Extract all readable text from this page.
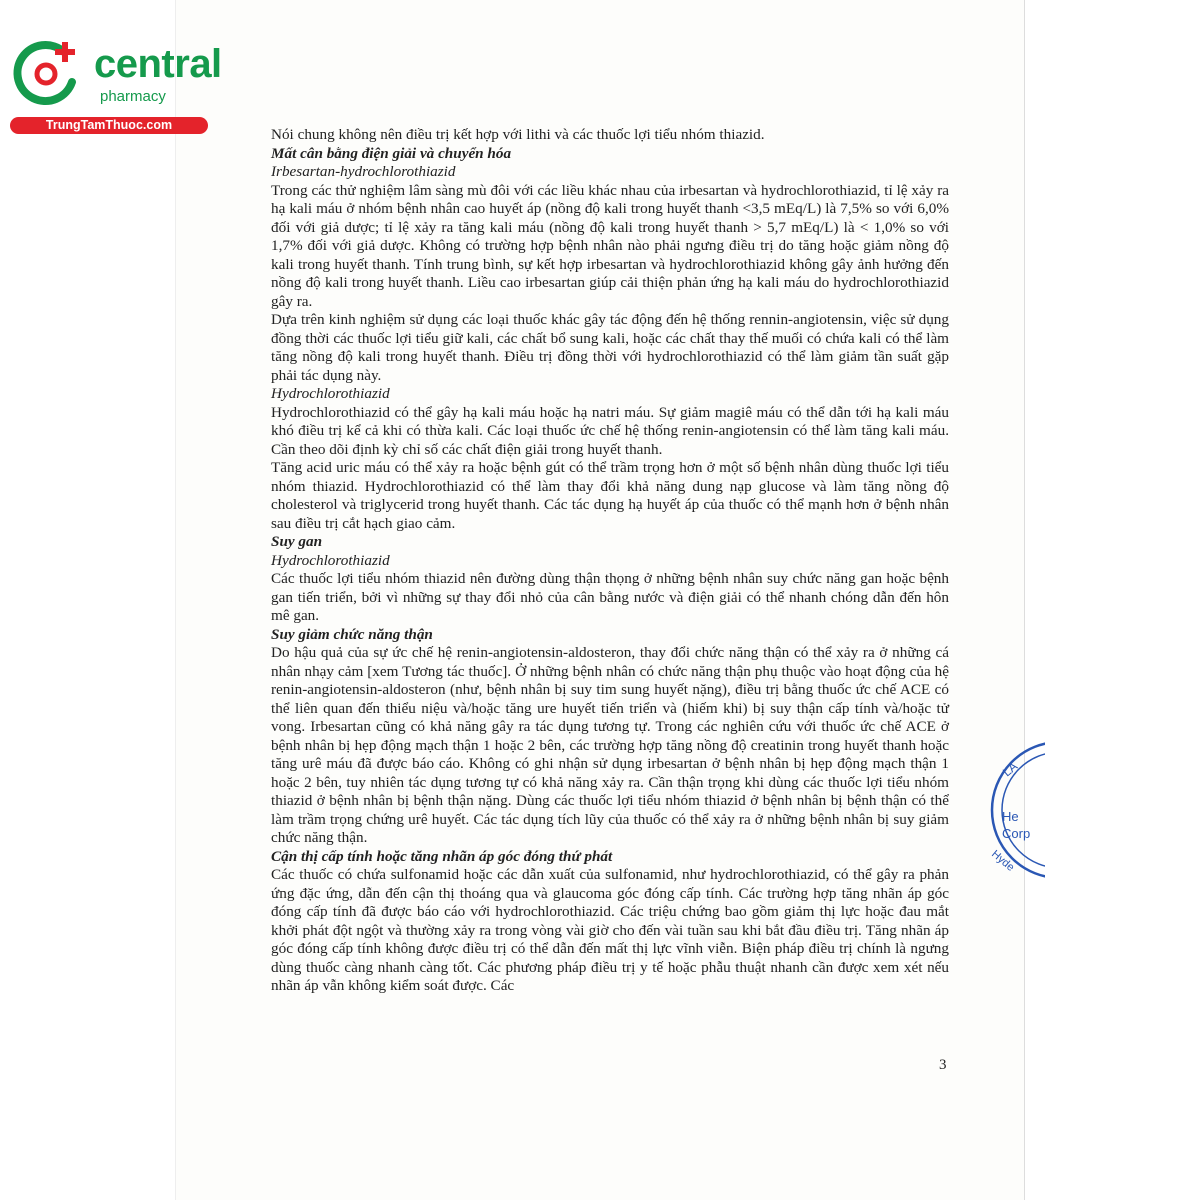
central
pharmacy
TrungTamThuoc.com

Nói chung không nên điều trị kết hợp với lithi và các thuốc lợi tiểu nhóm thiazid.

Mất cân bằng điện giải và chuyển hóa

Irbesartan-hydrochlorothiazid

Trong các thử nghiệm lâm sàng mù đôi với các liều khác nhau của irbesartan và hydrochlorothiazid, tỉ lệ xảy ra hạ kali máu ở nhóm bệnh nhân cao huyết áp (nồng độ kali trong huyết thanh <3,5 mEq/L) là 7,5% so với 6,0% đối với giả dược; tỉ lệ xảy ra tăng kali máu (nồng độ kali trong huyết thanh > 5,7 mEq/L) là < 1,0% so với 1,7% đối với giả dược. Không có trường hợp bệnh nhân nào phải ngưng điều trị do tăng hoặc giảm nồng độ kali trong huyết thanh. Tính trung bình, sự kết hợp irbesartan và hydrochlorothiazid không gây ảnh hưởng đến nồng độ kali trong huyết thanh. Liều cao irbesartan giúp cải thiện phản ứng hạ kali máu do hydrochlorothiazid gây ra.

Dựa trên kinh nghiệm sử dụng các loại thuốc khác gây tác động đến hệ thống rennin-angiotensin, việc sử dụng đồng thời các thuốc lợi tiểu giữ kali, các chất bổ sung kali, hoặc các chất thay thế muối có chứa kali có thể làm tăng nồng độ kali trong huyết thanh. Điều trị đồng thời với hydrochlorothiazid có thể làm giảm tần suất gặp phải tác dụng này.

Hydrochlorothiazid

Hydrochlorothiazid có thể gây hạ kali máu hoặc hạ natri máu. Sự giảm magiê máu có thể dẫn tới hạ kali máu khó điều trị kể cả khi có thừa kali. Các loại thuốc ức chế hệ thống renin-angiotensin có thể làm tăng kali máu. Cần theo dõi định kỳ chỉ số các chất điện giải trong huyết thanh.

Tăng acid uric máu có thể xảy ra hoặc bệnh gút có thể trầm trọng hơn ở một số bệnh nhân dùng thuốc lợi tiểu nhóm thiazid. Hydrochlorothiazid có thể làm thay đổi khả năng dung nạp glucose và làm tăng nồng độ cholesterol và triglycerid trong huyết thanh. Các tác dụng hạ huyết áp của thuốc có thể mạnh hơn ở bệnh nhân sau điều trị cắt hạch giao cảm.

Suy gan

Hydrochlorothiazid

Các thuốc lợi tiểu nhóm thiazid nên đường dùng thận thọng ở những bệnh nhân suy chức năng gan hoặc bệnh gan tiến triển, bởi vì những sự thay đổi nhỏ của cân bằng nước và điện giải có thể nhanh chóng dẫn đến hôn mê gan.

Suy giảm chức năng thận

Do hậu quả của sự ức chế hệ renin-angiotensin-aldosteron, thay đổi chức năng thận có thể xảy ra ở những cá nhân nhạy cảm [xem Tương tác thuốc]. Ở những bệnh nhân có chức năng thận phụ thuộc vào hoạt động của hệ renin-angiotensin-aldosteron (như, bệnh nhân bị suy tim sung huyết nặng), điều trị bằng thuốc ức chế ACE có thể liên quan đến thiểu niệu và/hoặc tăng ure huyết tiến triển và (hiếm khi) bị suy thận cấp tính và/hoặc tử vong. Irbesartan cũng có khả năng gây ra tác dụng tương tự. Trong các nghiên cứu với thuốc ức chế ACE ở bệnh nhân bị hẹp động mạch thận 1 hoặc 2 bên, các trường hợp tăng nồng độ creatinin trong huyết thanh hoặc tăng urê máu đã được báo cáo. Không có ghi nhận sử dụng irbesartan ở bệnh nhân bị hẹp động mạch thận 1 hoặc 2 bên, tuy nhiên tác dụng tương tự có khả năng xảy ra. Cần thận trọng khi dùng các thuốc lợi tiểu nhóm thiazid ở bệnh nhân bị bệnh thận nặng. Dùng các thuốc lợi tiểu nhóm thiazid ở bệnh nhân bị bệnh thận có thể làm trầm trọng chứng urê huyết. Các tác dụng tích lũy của thuốc có thể xảy ra ở những bệnh nhân bị suy giảm chức năng thận.

Cận thị cấp tính hoặc tăng nhãn áp góc đóng thứ phát

Các thuốc có chứa sulfonamid hoặc các dẫn xuất của sulfonamid, như hydrochlorothiazid, có thể gây ra phản ứng đặc ứng, dẫn đến cận thị thoáng qua và glaucoma góc đóng cấp tính. Các trường hợp tăng nhãn áp góc đóng cấp tính đã được báo cáo với hydrochlorothiazid. Các triệu chứng bao gồm giảm thị lực hoặc đau mắt khởi phát đột ngột và thường xảy ra trong vòng vài giờ cho đến vài tuần sau khi bắt đầu điều trị. Tăng nhãn áp góc đóng cấp tính không được điều trị có thể dẫn đến mất thị lực vĩnh viễn. Biện pháp điều trị chính là ngưng dùng thuốc càng nhanh càng tốt. Các phương pháp điều trị y tế hoặc phẫu thuật nhanh cần được xem xét nếu nhãn áp vẫn không kiểm soát được. Các

3
LA
Hyde
He
Corp
